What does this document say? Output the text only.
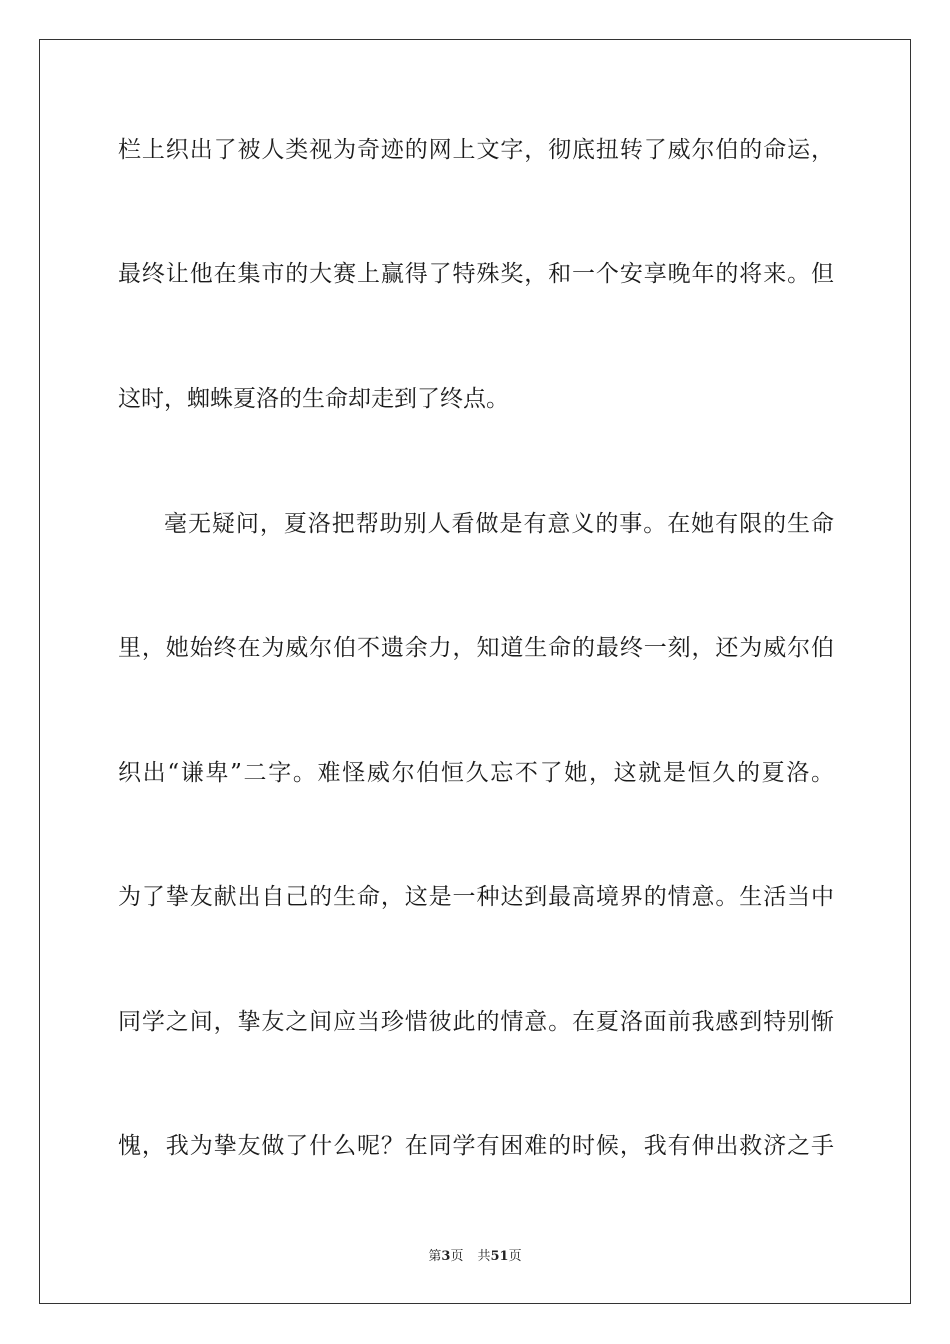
栏上织出了被人类视为奇迹的网上文字，彻底扭转了威尔伯的命运，
最终让他在集市的大赛上赢得了特殊奖，和一个安享晚年的将来。但
这时，蜘蛛夏洛的生命却走到了终点。
毫无疑问，夏洛把帮助别人看做是有意义的事。在她有限的生命
里，她始终在为威尔伯不遗余力，知道生命的最终一刻，还为威尔伯
织出“谦卑”二字。难怪威尔伯恒久忘不了她，这就是恒久的夏洛。
为了挚友献出自己的生命，这是一种达到最高境界的情意。生活当中
同学之间，挚友之间应当珍惜彼此的情意。在夏洛面前我感到特别惭
愧，我为挚友做了什么呢？在同学有困难的时候，我有伸出救济之手
第3页 共51页
